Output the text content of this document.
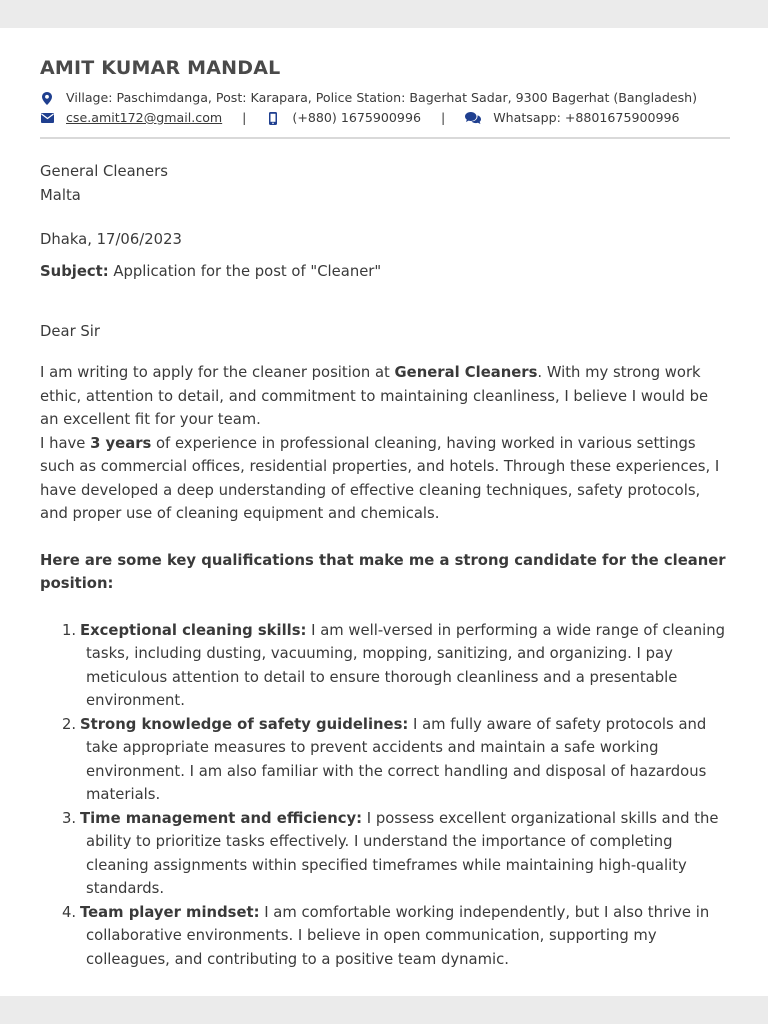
AMIT KUMAR MANDAL
Village: Paschimdanga, Post: Karapara, Police Station: Bagerhat Sadar, 9300 Bagerhat (Bangladesh)
cse.amit172@gmail.com |	(+880) 1675900996 |	Whatsapp: +8801675900996
General Cleaners
Malta
Dhaka, 17/06/2023
Subject: Application for the post of "Cleaner"
Dear Sir

I am writing to apply for the cleaner position at General Cleaners. With my strong work ethic, attention to detail, and commitment to maintaining cleanliness, I believe I would be an excellent fit for your team.

I have 3 years of experience in professional cleaning, having worked in various settings such as commercial offices, residential properties, and hotels. Through these experiences, I have developed a deep understanding of effective cleaning techniques, safety protocols, and proper use of cleaning equipment and chemicals.

Here are some key qualifications that make me a strong candidate for the cleaner position:
1. Exceptional cleaning skills: I am well-versed in performing a wide range of cleaning tasks, including dusting, vacuuming, mopping, sanitizing, and organizing. I pay meticulous attention to detail to ensure thorough cleanliness and a presentable environment.
2. Strong knowledge of safety guidelines: I am fully aware of safety protocols and take appropriate measures to prevent accidents and maintain a safe working environment. I am also familiar with the correct handling and disposal of hazardous materials.
3. Time management and efficiency: I possess excellent organizational skills and the ability to prioritize tasks effectively. I understand the importance of completing cleaning assignments within specified timeframes while maintaining high-quality standards.
4. Team player mindset: I am comfortable working independently, but I also thrive in collaborative environments. I believe in open communication, supporting my colleagues, and contributing to a positive team dynamic.
